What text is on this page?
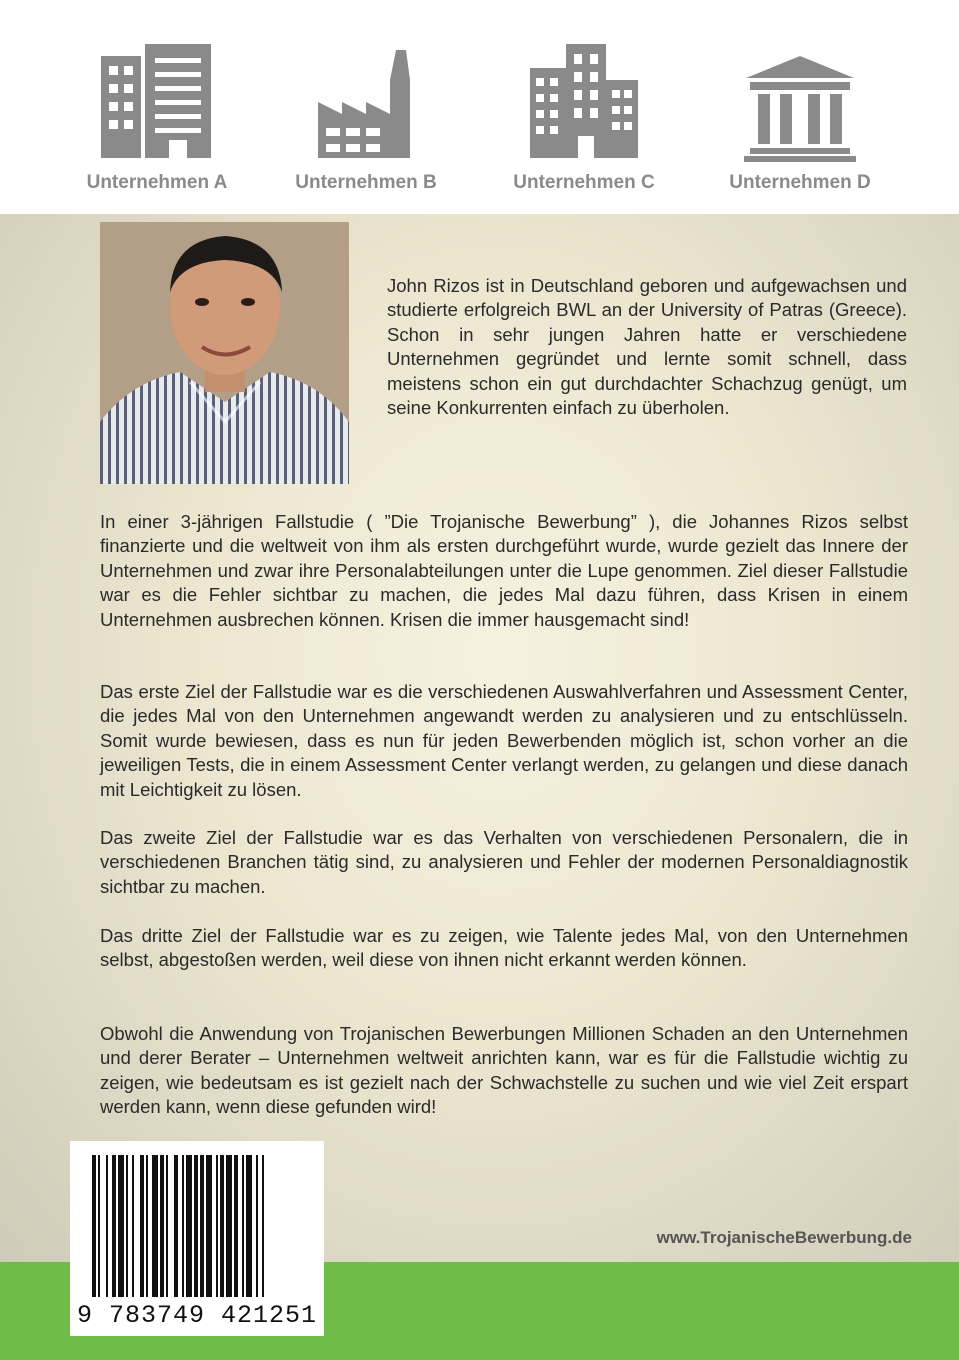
Unternehmen A	Unternehmen B	Unternehmen C	Unternehmen D

John Rizos ist in Deutschland geboren und aufgewachsen und studierte erfolgreich BWL an der University of Patras (Greece). Schon in sehr jungen Jahren hatte er verschiedene Unternehmen gegründet und lernte somit schnell, dass meistens schon ein gut durchdachter Schachzug genügt, um seine Konkurrenten einfach zu überholen.

In einer 3-jährigen Fallstudie ( ”Die Trojanische Bewerbung” ), die Johannes Rizos selbst finanzierte und die weltweit von ihm als ersten durchgeführt wurde, wurde gezielt das Innere der Unternehmen und zwar ihre Personalabteilungen unter die Lupe genommen. Ziel dieser Fallstudie war es die Fehler sichtbar zu machen, die jedes Mal dazu führen, dass Krisen in einem Unternehmen ausbrechen können. Krisen die immer hausgemacht sind!

Das erste Ziel der Fallstudie war es die verschiedenen Auswahlverfahren und Assessment Center, die jedes Mal von den Unternehmen angewandt werden zu analysieren und zu entschlüsseln. Somit wurde bewiesen, dass es nun für jeden Bewerbenden möglich ist, schon vorher an die jeweiligen Tests, die in einem Assessment Center verlangt werden, zu gelangen und diese danach mit Leichtigkeit zu lösen.

Das zweite Ziel der Fallstudie war es das Verhalten von verschiedenen Personalern, die in verschiedenen Branchen tätig sind, zu analysieren und Fehler der modernen Personaldiagnostik sichtbar zu machen.

Das dritte Ziel der Fallstudie war es zu zeigen, wie Talente jedes Mal, von den Unternehmen selbst, abgestoßen werden, weil diese von ihnen nicht erkannt werden können.

Obwohl die Anwendung von Trojanischen Bewerbungen Millionen Schaden an den Unternehmen und derer Berater – Unternehmen weltweit anrichten kann, war es für die Fallstudie wichtig zu zeigen, wie bedeutsam es ist gezielt nach der Schwachstelle zu suchen und wie viel Zeit erspart werden kann, wenn diese gefunden wird!

www.TrojanischeBewerbung.de
9 783749 421251
